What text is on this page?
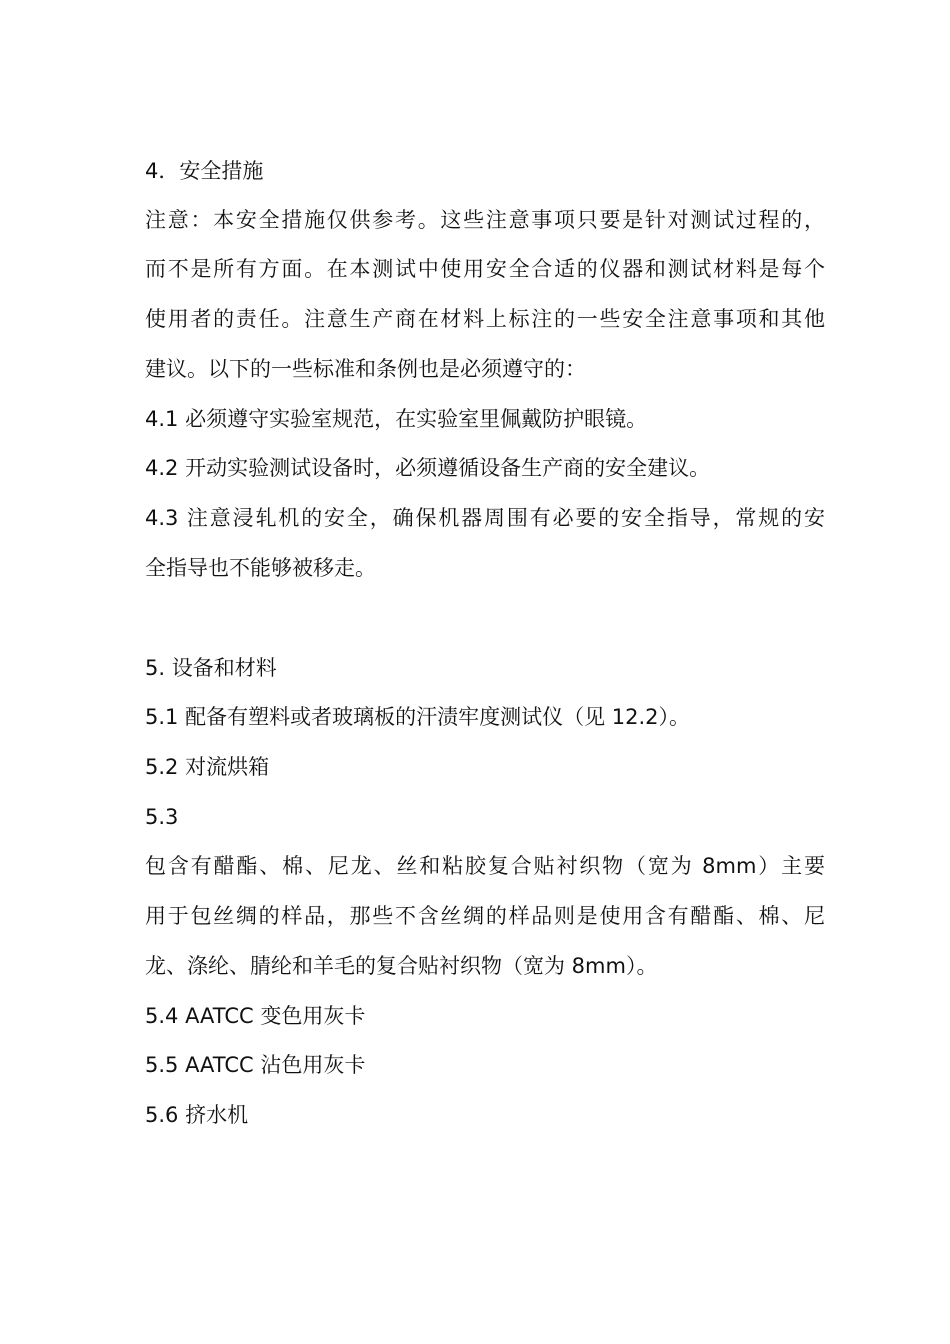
4．安全措施
注意：本安全措施仅供参考。这些注意事项只要是针对测试过程的，
而不是所有方面。在本测试中使用安全合适的仪器和测试材料是每个
使用者的责任。注意生产商在材料上标注的一些安全注意事项和其他
建议。以下的一些标准和条例也是必须遵守的：
4.1 必须遵守实验室规范，在实验室里佩戴防护眼镜。
4.2 开动实验测试设备时，必须遵循设备生产商的安全建议。
4.3 注意浸轧机的安全，确保机器周围有必要的安全指导，常规的安
全指导也不能够被移走。
5. 设备和材料
5.1 配备有塑料或者玻璃板的汗渍牢度测试仪（见 12.2）。
5.2 对流烘箱
5.3
包含有醋酯、棉、尼龙、丝和粘胶复合贴衬织物（宽为 8mm）主要
用于包丝绸的样品，那些不含丝绸的样品则是使用含有醋酯、棉、尼
龙、涤纶、腈纶和羊毛的复合贴衬织物（宽为 8mm）。
5.4 AATCC 变色用灰卡
5.5 AATCC 沾色用灰卡
5.6 挤水机
